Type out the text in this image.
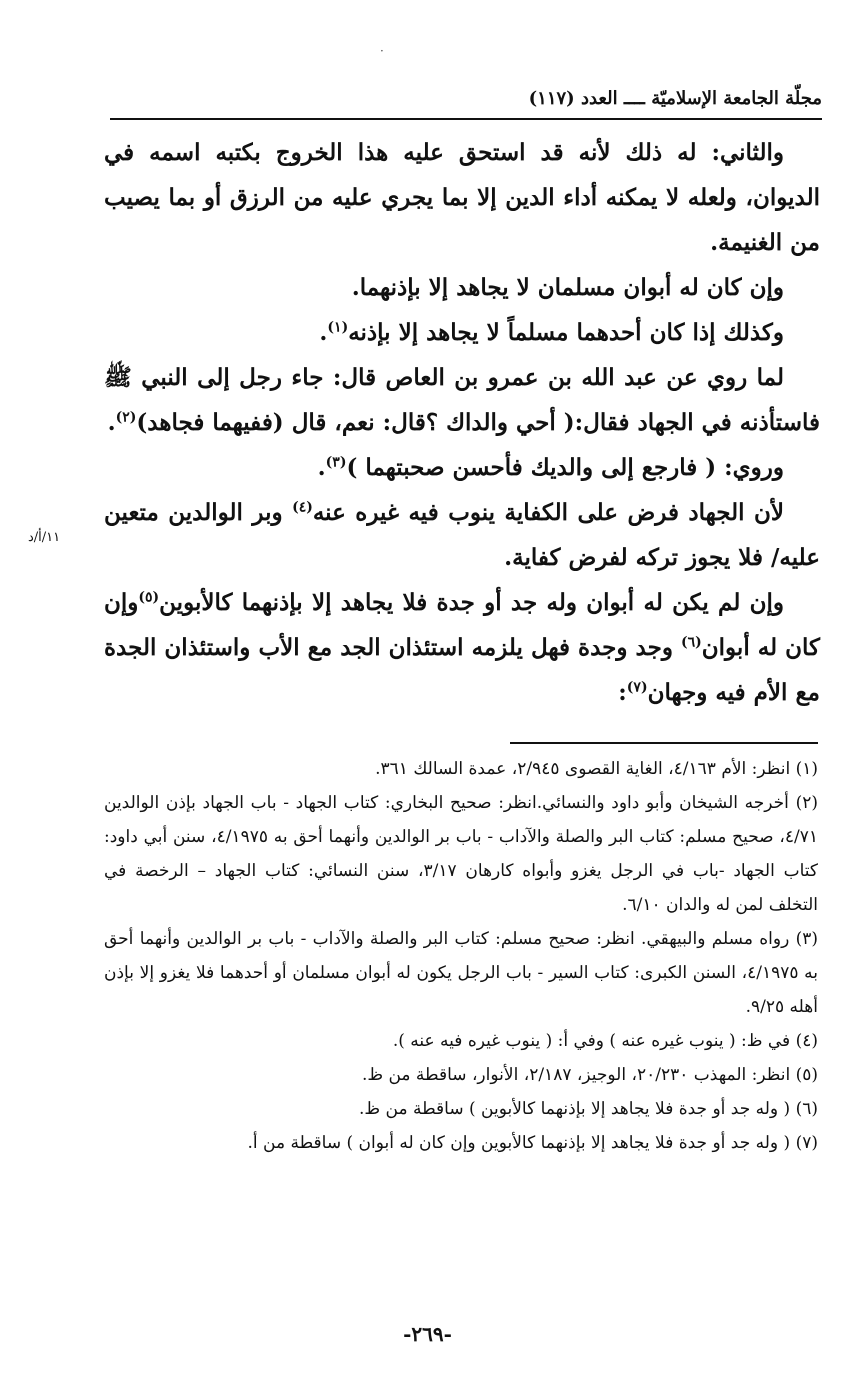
·
مجلّة الجامعة الإسلاميّة ــــ العدد (١١٧)

والثاني: له ذلك لأنه قد استحق عليه هذا الخروج بكتبه اسمه في الديوان، ولعله لا يمكنه أداء الدين إلا بما يجري عليه من الرزق أو بما يصيب من الغنيمة.

وإن كان له أبوان مسلمان لا يجاهد إلا بإذنهما.

وكذلك إذا كان أحدهما مسلماً لا يجاهد إلا بإذنه$^{(١)}$.

لما روي عن عبد الله بن عمرو بن العاص قال: جاء رجل إلى النبي ﷺ فاستأذنه في الجهاد فقال:( أحي والداك ؟قال: نعم، قال (ففيهما فجاهد)$^{(٢)}$.

وروي: ( فارجع إلى والديك فأحسن صحبتهما )$^{(٣)}$.

لأن الجهاد فرض على الكفاية ينوب فيه غيره عنه$^{(٤)}$ وبر الوالدين متعين عليه/ فلا يجوز تركه لفرض كفاية.

وإن لم يكن له أبوان وله جد أو جدة فلا يجاهد إلا بإذنهما كالأبوين$^{(٥)}$وإن كان له أبوان$^{(٦)}$ وجد وجدة فهل يلزمه استئذان الجد مع الأب واستئذان الجدة مع الأم فيه وجهان$^{(٧)}$:

١١/أ/د

(١) انظر: الأم ٤/١٦٣، الغاية القصوى ٢/٩٤٥، عمدة السالك ٣٦١.

(٢) أخرجه الشيخان وأبو داود والنسائي.انظر: صحيح البخاري: كتاب الجهاد - باب الجهاد بإذن الوالدين ٤/٧١، صحيح مسلم: كتاب البر والصلة والآداب - باب بر الوالدين وأنهما أحق به ٤/١٩٧٥، سنن أبي داود: كتاب الجهاد -باب في الرجل يغزو وأبواه كارهان ٣/١٧، سنن النسائي: كتاب الجهاد – الرخصة في التخلف لمن له والدان ٦/١٠.

(٣) رواه مسلم والبيهقي. انظر: صحيح مسلم: كتاب البر والصلة والآداب - باب بر الوالدين وأنهما أحق به ٤/١٩٧٥، السنن الكبرى: كتاب السير - باب الرجل يكون له أبوان مسلمان أو أحدهما فلا يغزو إلا بإذن أهله ٩/٢٥.

(٤) في ظ: ( ينوب غيره عنه ) وفي أ: ( ينوب غيره فيه عنه ).

(٥) انظر: المهذب ٢٠/٢٣٠، الوجيز، ٢/١٨٧، الأنوار، ساقطة من ظ.

(٦) ( وله جد أو جدة فلا يجاهد إلا بإذنهما كالأبوين ) ساقطة من ظ.

(٧) ( وله جد أو جدة فلا يجاهد إلا بإذنهما كالأبوين وإن كان له أبوان ) ساقطة من أ.

-٢٦٩-
